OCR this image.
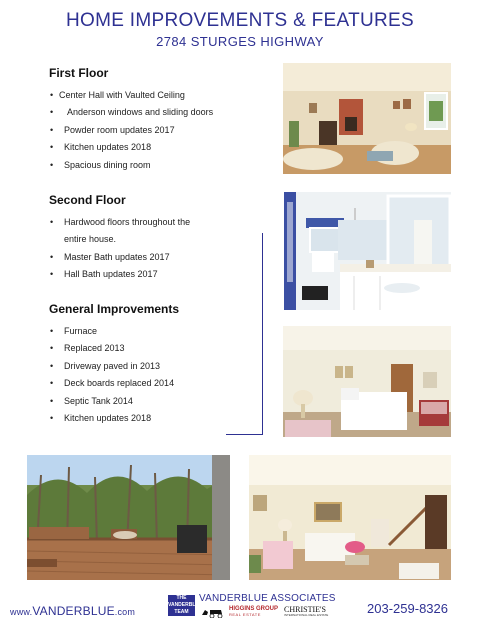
HOME IMPROVEMENTS & FEATURES
2784 STURGES HIGHWAY
First Floor
• Center Hall with Vaulted Ceiling
• Anderson windows and sliding doors
• Powder room updates 2017
• Kitchen updates 2018
• Spacious dining room
Second Floor
• Hardwood floors throughout the
entire house.
• Master Bath updates 2017
• Hall Bath updates 2017
General Improvements
• Furnace
• Replaced 2013
• Driveway paved in 2013
• Deck boards replaced 2014
• Septic Tank 2014
• Kitchen updates 2018
www.VANDERBLUE.com
THE
VANDERBLUE
TEAM
VANDERBLUE ASSOCIATES
HIGGINS GROUP
REAL ESTATE
CHRISTIE'S
INTERNATIONAL REAL ESTATE	203-259-8326
